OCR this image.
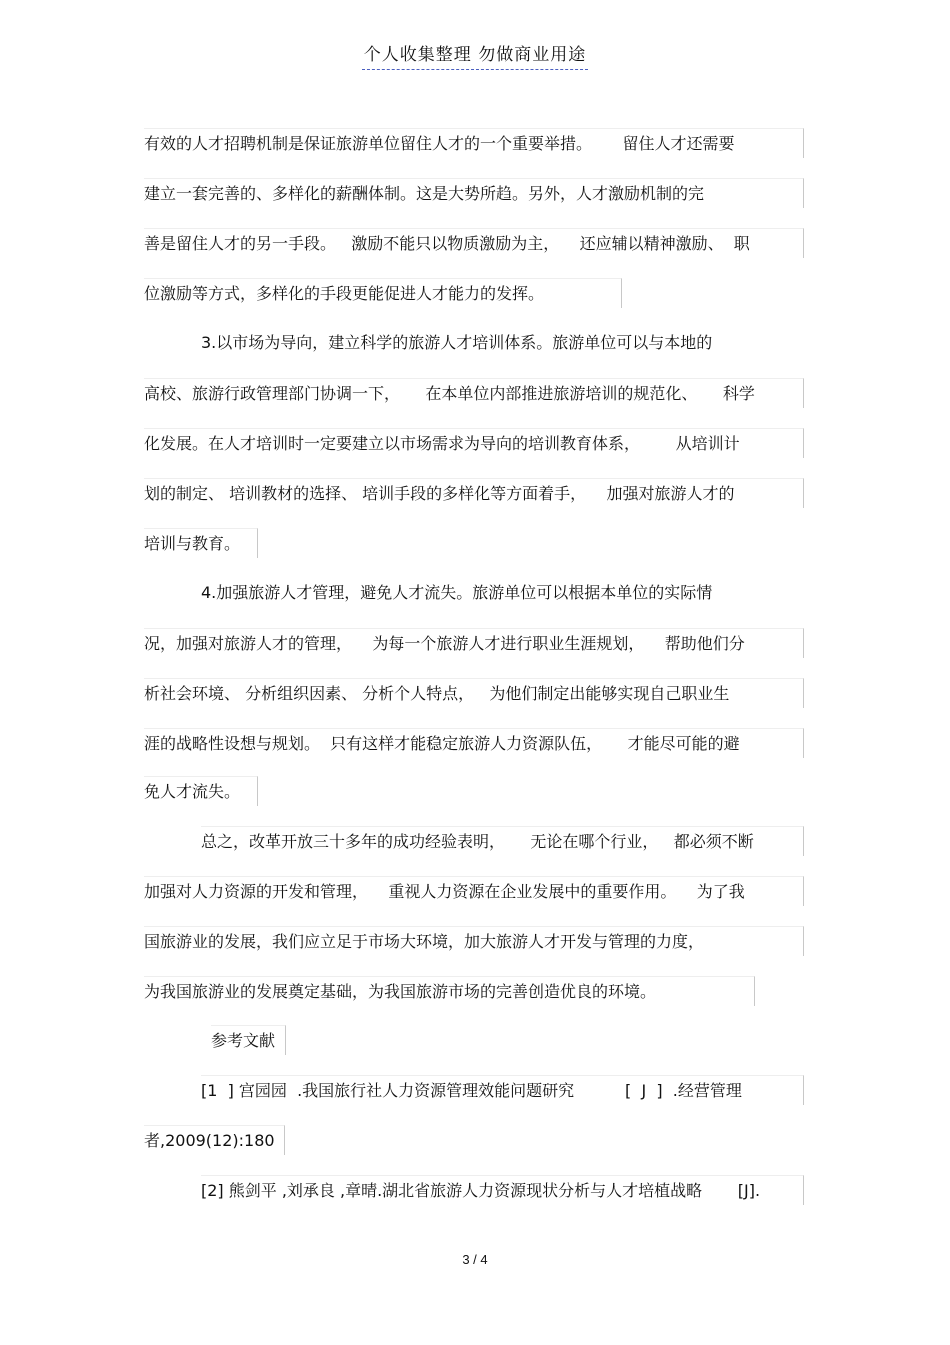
个人收集整理 勿做商业用途
有效的人才招聘机制是保证旅游单位留住人才的一个重要举措。      留住人才还需要
建立一套完善的、多样化的薪酬体制。这是大势所趋。另外，人才激励机制的完
善是留住人才的另一手段。   激励不能只以物质激励为主，    还应辅以精神激励、  职
位激励等方式，多样化的手段更能促进人才能力的发挥。
3.以市场为导向，建立科学的旅游人才培训体系。旅游单位可以与本地的
高校、旅游行政管理部门协调一下，     在本单位内部推进旅游培训的规范化、     科学
化发展。在人才培训时一定要建立以市场需求为导向的培训教育体系，       从培训计
划的制定、 培训教材的选择、 培训手段的多样化等方面着手，    加强对旅游人才的
培训与教育。
4.加强旅游人才管理，避免人才流失。旅游单位可以根据本单位的实际情
况，加强对旅游人才的管理，    为每一个旅游人才进行职业生涯规划，    帮助他们分
析社会环境、 分析组织因素、 分析个人特点，   为他们制定出能够实现自己职业生
涯的战略性设想与规划。  只有这样才能稳定旅游人力资源队伍，     才能尽可能的避
免人才流失。
总之，改革开放三十多年的成功经验表明，     无论在哪个行业，   都必须不断
加强对人力资源的开发和管理，    重视人力资源在企业发展中的重要作用。    为了我
国旅游业的发展，我们应立足于市场大环境，加大旅游人才开发与管理的力度，
为我国旅游业的发展奠定基础，为我国旅游市场的完善创造优良的环境。
参考文献
[1  ] 宫园园  .我国旅行社人力资源管理效能问题研究          [  J  ]  .经营管理
者,2009(12):180
[2] 熊剑平 ,刘承良 ,章晴.湖北省旅游人力资源现状分析与人才培植战略       [J].
3 / 4
